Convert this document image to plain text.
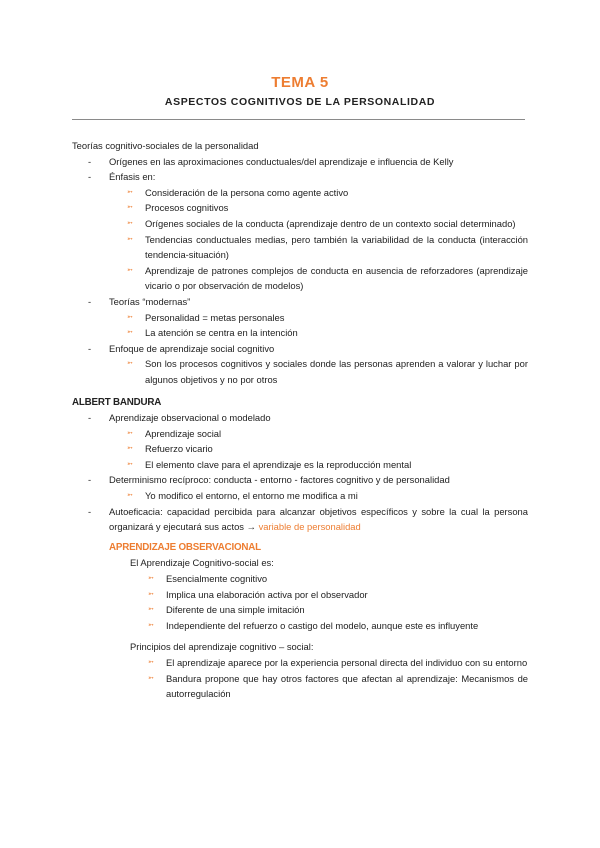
TEMA 5
ASPECTOS COGNITIVOS DE LA PERSONALIDAD
Teorías cognitivo-sociales de la personalidad
- Orígenes en las aproximaciones conductuales/del aprendizaje e influencia de Kelly
- Énfasis en:
➳ Consideración de la persona como agente activo
➳ Procesos cognitivos
➳ Orígenes sociales de la conducta (aprendizaje dentro de un contexto social determinado)
➳ Tendencias conductuales medias, pero también la variabilidad de la conducta (interacción tendencia-situación)
➳ Aprendizaje de patrones complejos de conducta en ausencia de reforzadores (aprendizaje vicario o por observación de modelos)
- Teorías “modernas”
➳ Personalidad = metas personales
➳ La atención se centra en la intención
- Enfoque de aprendizaje social cognitivo
➳ Son los procesos cognitivos y sociales donde las personas aprenden a valorar y luchar por algunos objetivos y no por otros
ALBERT BANDURA
- Aprendizaje observacional o modelado
➳ Aprendizaje social
➳ Refuerzo vicario
➳ El elemento clave para el aprendizaje es la reproducción mental
- Determinismo recíproco: conducta - entorno - factores cognitivo y de personalidad
➳ Yo modifico el entorno, el entorno me modifica a mi
- Autoeficacia: capacidad percibida para alcanzar objetivos específicos y sobre la cual la persona organizará y ejecutará sus actos → variable de personalidad
APRENDIZAJE OBSERVACIONAL
El Aprendizaje Cognitivo-social es:
➳ Esencialmente cognitivo
➳ Implica una elaboración activa por el observador
➳ Diferente de una simple imitación
➳ Independiente del refuerzo o castigo del modelo, aunque este es influyente
Principios del aprendizaje cognitivo – social:
➳ El aprendizaje aparece por la experiencia personal directa del individuo con su entorno
➳ Bandura propone que hay otros factores que afectan al aprendizaje: Mecanismos de autorregulación
